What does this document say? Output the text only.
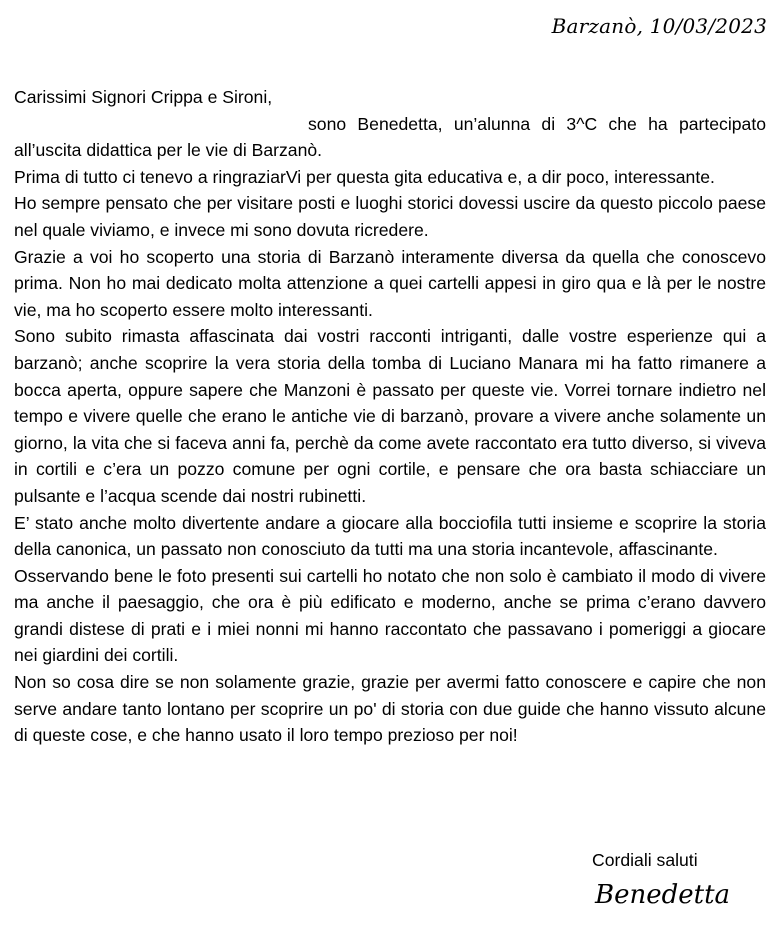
Barzanò, 10/03/2023

Carissimi Signori Crippa e Sironi,

sono Benedetta, un’alunna di 3^C che ha partecipato all’uscita didattica per le vie di Barzanò.

Prima di tutto ci tenevo a ringraziarVi per questa gita educativa e, a dir poco, interessante.

Ho sempre pensato che per visitare posti e luoghi storici dovessi uscire da questo piccolo paese nel quale viviamo, e invece mi sono dovuta ricredere.

Grazie a voi ho scoperto una storia di Barzanò interamente diversa da quella che conoscevo prima. Non ho mai dedicato molta attenzione a quei cartelli appesi in giro qua e là per le nostre vie, ma ho scoperto essere molto interessanti.

Sono subito rimasta affascinata dai vostri racconti intriganti, dalle vostre esperienze qui a barzanò; anche scoprire la vera storia della tomba di Luciano Manara mi ha fatto rimanere a bocca aperta, oppure sapere che Manzoni è passato per queste vie. Vorrei tornare indietro nel tempo e vivere quelle che erano le antiche vie di barzanò, provare a vivere anche solamente un giorno, la vita che si faceva anni fa, perchè da come avete raccontato era tutto diverso, si viveva in cortili e c’era un pozzo comune per ogni cortile, e pensare che ora basta schiacciare un pulsante e l’acqua scende dai nostri rubinetti.

E’ stato anche molto divertente andare a giocare alla bocciofila tutti insieme e scoprire la storia della canonica, un passato non conosciuto da tutti ma una storia incantevole, affascinante.

Osservando bene le foto presenti sui cartelli ho notato che non solo è cambiato il modo di vivere ma anche il paesaggio, che ora è più edificato e moderno, anche se prima c’erano davvero grandi distese di prati e i miei nonni mi hanno raccontato che passavano i pomeriggi a giocare nei giardini dei cortili.

Non so cosa dire se non solamente grazie, grazie per avermi fatto conoscere e capire che non serve andare tanto lontano per scoprire un po' di storia con due guide che hanno vissuto alcune di queste cose, e che hanno usato il loro tempo prezioso per noi!

Cordiali saluti
Benedetta
